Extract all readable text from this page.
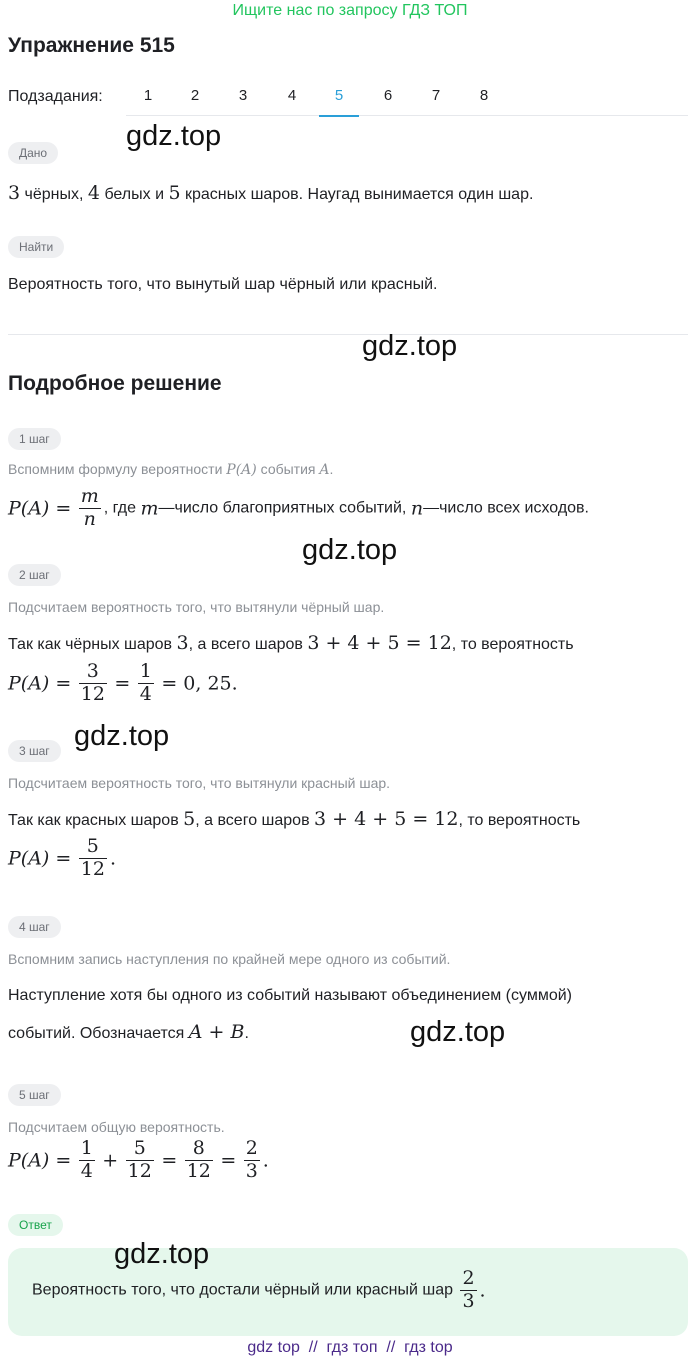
Ищите нас по запросу ГДЗ ТОП
Упражнение 515
Подзадания:	1	2	3	4	5	6	7	8
Дано
gdz.top
3 чёрных, 4 белых и 5 красных шаров. Наугад вынимается один шар.
Найти
Вероятность того, что вынутый шар чёрный или красный.
gdz.top
Подробное решение
1 шаг
Вспомним формулу вероятности P(A) события A.
$P(A) = \frac{m}{n}$ , где m—число благоприятных событий, n—число всех исходов.
gdz.top
2 шаг
Подсчитаем вероятность того, что вытянули чёрный шар.
Так как чёрных шаров 3, а всего шаров 3 + 4 + 5 = 12, то вероятность
$P(A) = \frac{3}{12} = \frac{1}{4} = 0$, 25.
3 шаг gdz.top
Подсчитаем вероятность того, что вытянули красный шар.
Так как красных шаров 5, а всего шаров 3 + 4 + 5 = 12, то вероятность
$P(A) = \frac{5}{12}$ .
4 шаг
Вспомним запись наступления по крайней мере одного из событий.
Наступление хотя бы одного из событий называют объединением (суммой)
событий. Обозначается A + B.	gdz.top
5 шаг
Подсчитаем общую вероятность.
$P(A) = \frac{1}{4} + \frac{5}{12} = \frac{8}{12} = \frac{2}{3}$ .
Ответ
gdz.top
Вероятность того, что достали чёрный или красный шар $\frac{2}{3}$ .
gdz top  //  гдз топ  //  гдз top
